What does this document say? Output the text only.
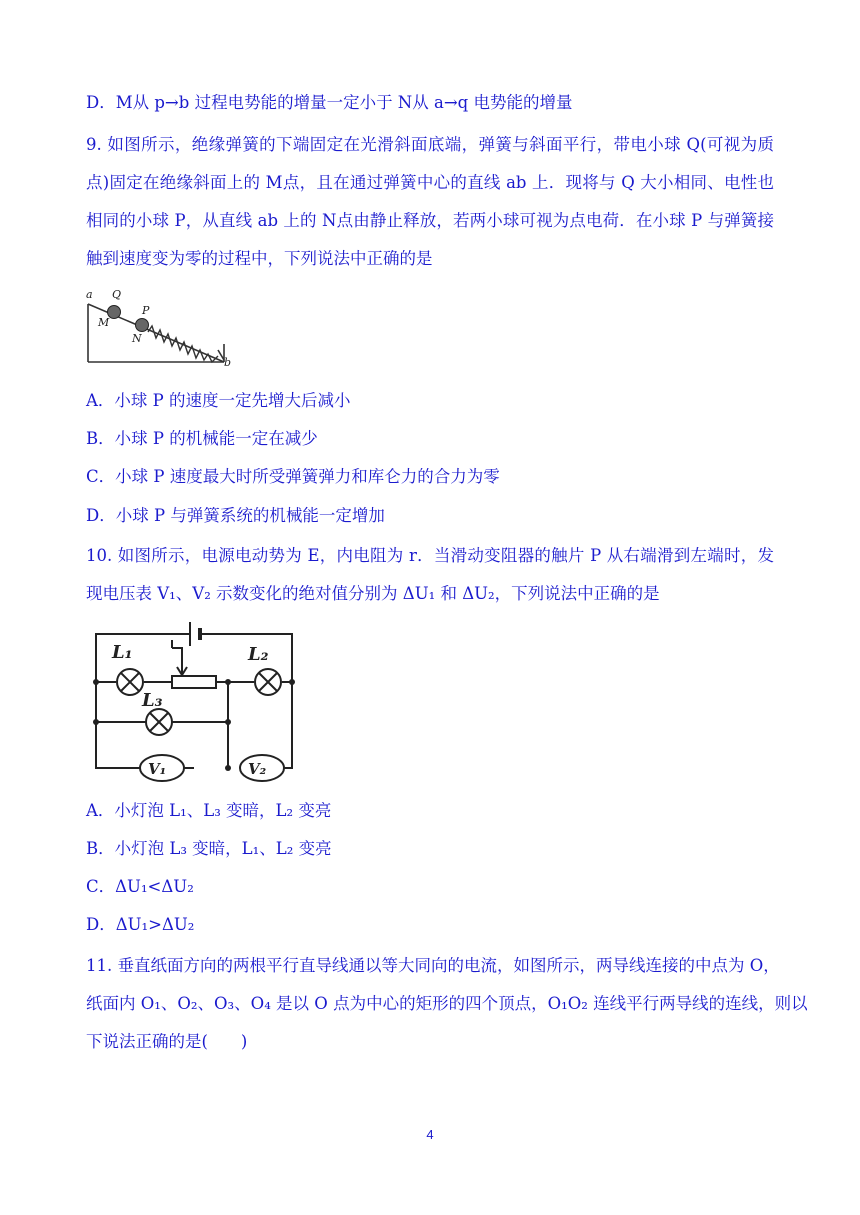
D．M从 p→b 过程电势能的增量一定小于 N从 a→q 电势能的增量
9. 如图所示，绝缘弹簧的下端固定在光滑斜面底端，弹簧与斜面平行，带电小球 Q(可视为质
点)固定在绝缘斜面上的 M点，且在通过弹簧中心的直线 ab 上．现将与 Q 大小相同、电性也
相同的小球 P，从直线 ab 上的 N点由静止释放，若两小球可视为点电荷．在小球 P 与弹簧接
触到速度变为零的过程中，下列说法中正确的是
a Q
P
M
N
b
A．小球 P 的速度一定先增大后减小
B．小球 P 的机械能一定在减少
C．小球 P 速度最大时所受弹簧弹力和库仑力的合力为零
D．小球 P 与弹簧系统的机械能一定增加
10. 如图所示，电源电动势为 E，内电阻为 r．当滑动变阻器的触片 P 从右端滑到左端时，发
现电压表 V₁、V₂ 示数变化的绝对值分别为 ΔU₁ 和 ΔU₂，下列说法中正确的是
L₁	L₂
L₃
V₁	V₂
A．小灯泡 L₁、L₃ 变暗，L₂ 变亮
B．小灯泡 L₃ 变暗，L₁、L₂ 变亮
C．ΔU₁<ΔU₂
D．ΔU₁>ΔU₂
11. 垂直纸面方向的两根平行直导线通以等大同向的电流，如图所示，两导线连接的中点为 O，
纸面内 O₁、O₂、O₃、O₄ 是以 O 点为中心的矩形的四个顶点，O₁O₂ 连线平行两导线的连线，则以
下说法正确的是(　　)
4
